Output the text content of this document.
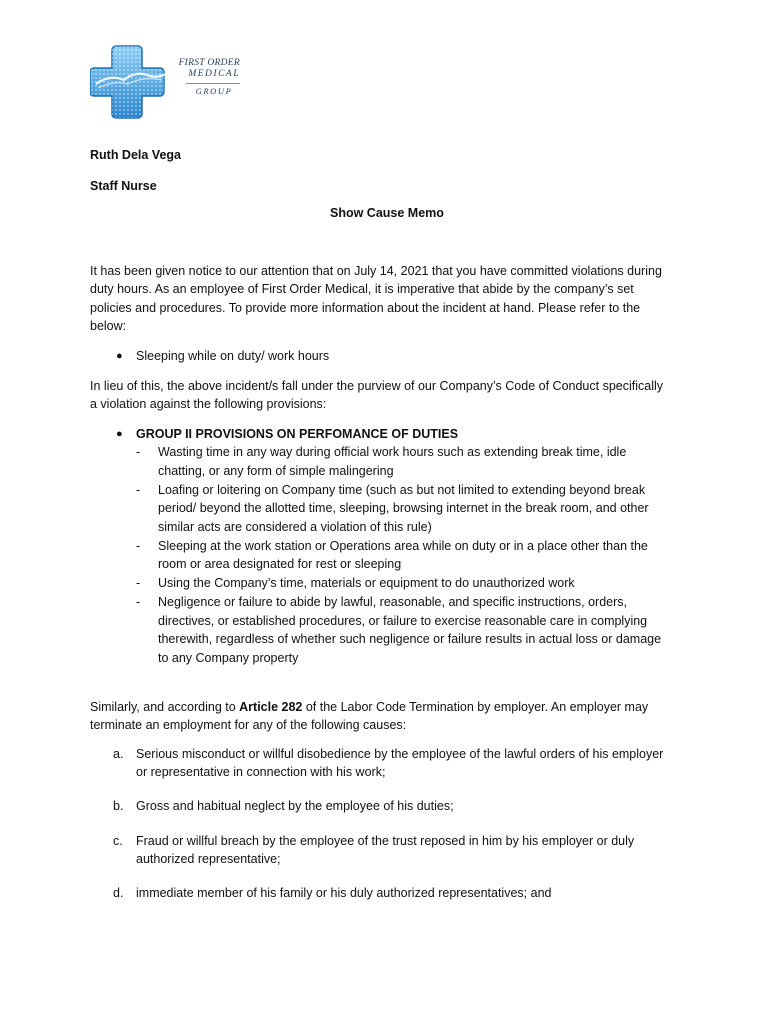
FIRST ORDER
MEDICAL
GROUP
Ruth Dela Vega
Staff Nurse
Show Cause Memo
It has been given notice to our attention that on July 14, 2021 that you have committed violations during
duty hours. As an employee of First Order Medical, it is imperative that abide by the company’s set
policies and procedures. To provide more information about the incident at hand. Please refer to the
below:
● Sleeping while on duty/ work hours
In lieu of this, the above incident/s fall under the purview of our Company’s Code of Conduct specifically
a violation against the following provisions:
● GROUP II PROVISIONS ON PERFOMANCE OF DUTIES
- Wasting time in any way during official work hours such as extending break time, idle
chatting, or any form of simple malingering
- Loafing or loitering on Company time (such as but not limited to extending beyond break
period/ beyond the allotted time, sleeping, browsing internet in the break room, and other
similar acts are considered a violation of this rule)
- Sleeping at the work station or Operations area while on duty or in a place other than the
room or area designated for rest or sleeping
- Using the Company’s time, materials or equipment to do unauthorized work
- Negligence or failure to abide by lawful, reasonable, and specific instructions, orders,
directives, or established procedures, or failure to exercise reasonable care in complying
therewith, regardless of whether such negligence or failure results in actual loss or damage
to any Company property
Similarly, and according to Article 282 of the Labor Code Termination by employer. An employer may
terminate an employment for any of the following causes:
a. Serious misconduct or willful disobedience by the employee of the lawful orders of his employer
or representative in connection with his work;
b. Gross and habitual neglect by the employee of his duties;
c. Fraud or willful breach by the employee of the trust reposed in him by his employer or duly
authorized representative;
d. immediate member of his family or his duly authorized representatives; and
